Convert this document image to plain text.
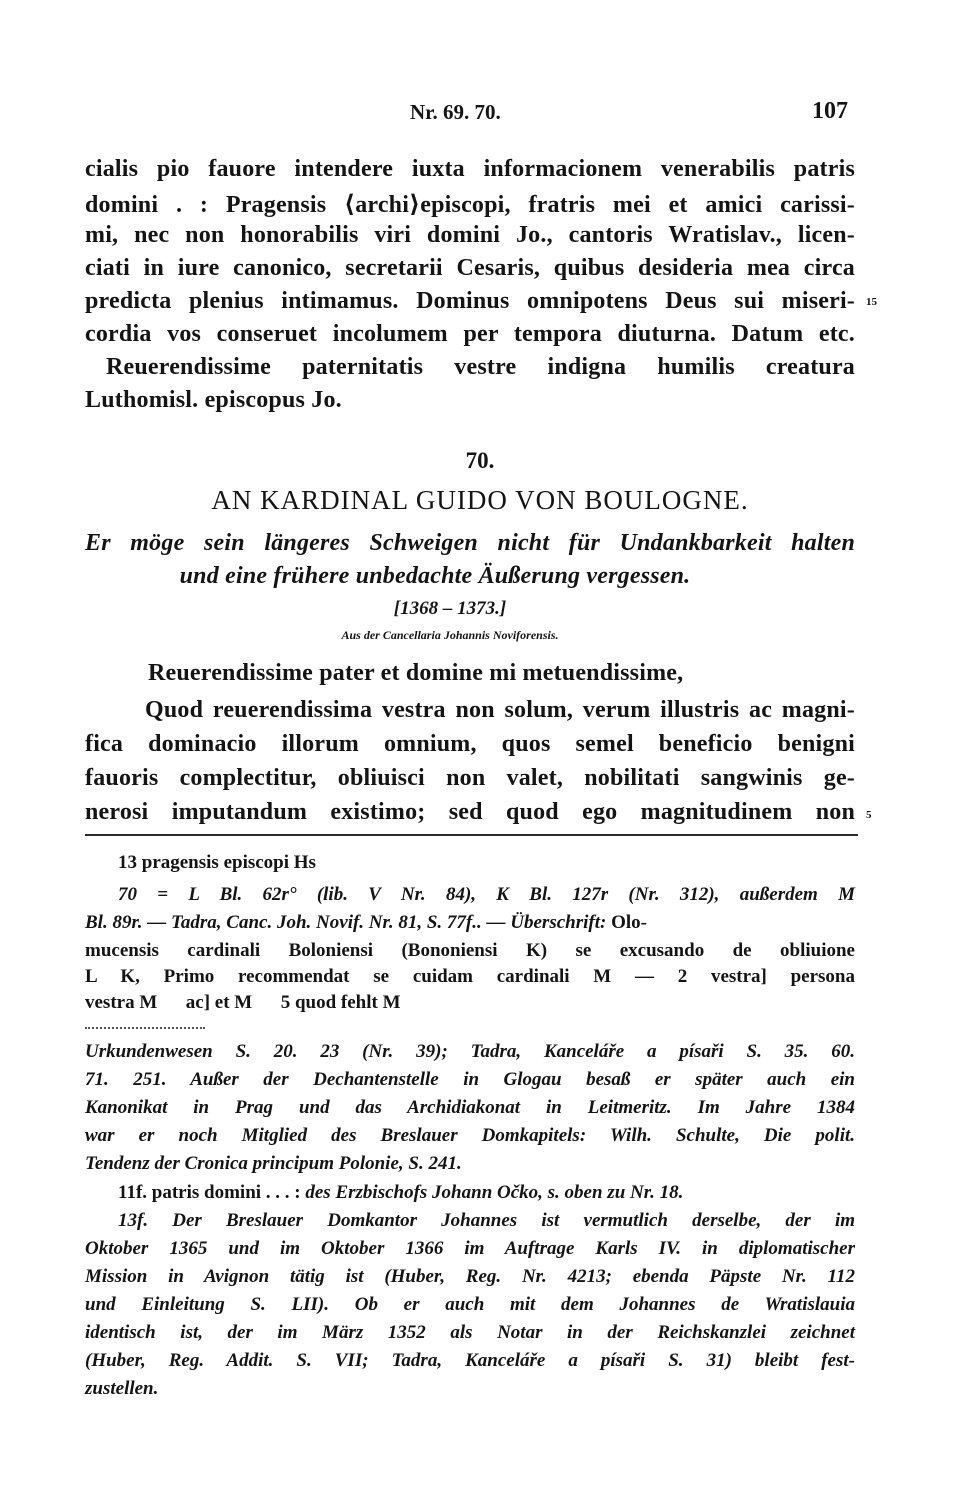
Nr. 69. 70.	107
cialis pio fauore intendere iuxta informacionem venerabilis patris
domini . : Pragensis ⟨archi⟩episcopi, fratris mei et amici carissi-
mi, nec non honorabilis viri domini Jo., cantoris Wratislav., licen-
ciati in iure canonico, secretarii Cesaris, quibus desideria mea circa
predicta plenius intimamus. Dominus omnipotens Deus sui miseri-
cordia vos conseruet incolumem per tempora diuturna. Datum etc.
Reuerendissime paternitatis vestre indigna humilis creatura
Luthomisl. episcopus Jo.
15
70.
AN KARDINAL GUIDO VON BOULOGNE.
Er möge sein längeres Schweigen nicht für Undankbarkeit halten
und eine frühere unbedachte Äußerung vergessen.
[1368 – 1373.]
Aus der Cancellaria Johannis Noviforensis.
Reuerendissime pater et domine mi metuendissime,
Quod reuerendissima vestra non solum, verum illustris ac magni-
fica dominacio illorum omnium, quos semel beneficio benigni
fauoris complectitur, obliuisci non valet, nobilitati sangwinis ge-
nerosi imputandum existimo; sed quod ego magnitudinem non 5
13 pragensis episcopi Hs
70 = L Bl. 62r° (lib. V Nr. 84), K Bl. 127r (Nr. 312), außerdem M
Bl. 89r. — Tadra, Canc. Joh. Novif. Nr. 81, S. 77f.. — Überschrift: Olo-
mucensis cardinali Boloniensi (Bononiensi K) se excusando de obliuione
L K, Primo recommendat se cuidam cardinali M — 2 vestra] persona
vestra M      ac] et M      5 quod fehlt M
Urkundenwesen S. 20. 23 (Nr. 39); Tadra, Kanceláře a písaři S. 35. 60.
71. 251. Außer der Dechantenstelle in Glogau besaß er später auch ein
Kanonikat in Prag und das Archidiakonat in Leitmeritz. Im Jahre 1384
war er noch Mitglied des Breslauer Domkapitels: Wilh. Schulte, Die polit.
Tendenz der Cronica principum Polonie, S. 241.
11f. patris domini . . . : des Erzbischofs Johann Očko, s. oben zu Nr. 18.
13f. Der Breslauer Domkantor Johannes ist vermutlich derselbe, der im
Oktober 1365 und im Oktober 1366 im Auftrage Karls IV. in diplomatischer
Mission in Avignon tätig ist (Huber, Reg. Nr. 4213; ebenda Päpste Nr. 112
und Einleitung S. LII). Ob er auch mit dem Johannes de Wratislauia
identisch ist, der im März 1352 als Notar in der Reichskanzlei zeichnet
(Huber, Reg. Addit. S. VII; Tadra, Kanceláře a písaři S. 31) bleibt fest-
zustellen.
